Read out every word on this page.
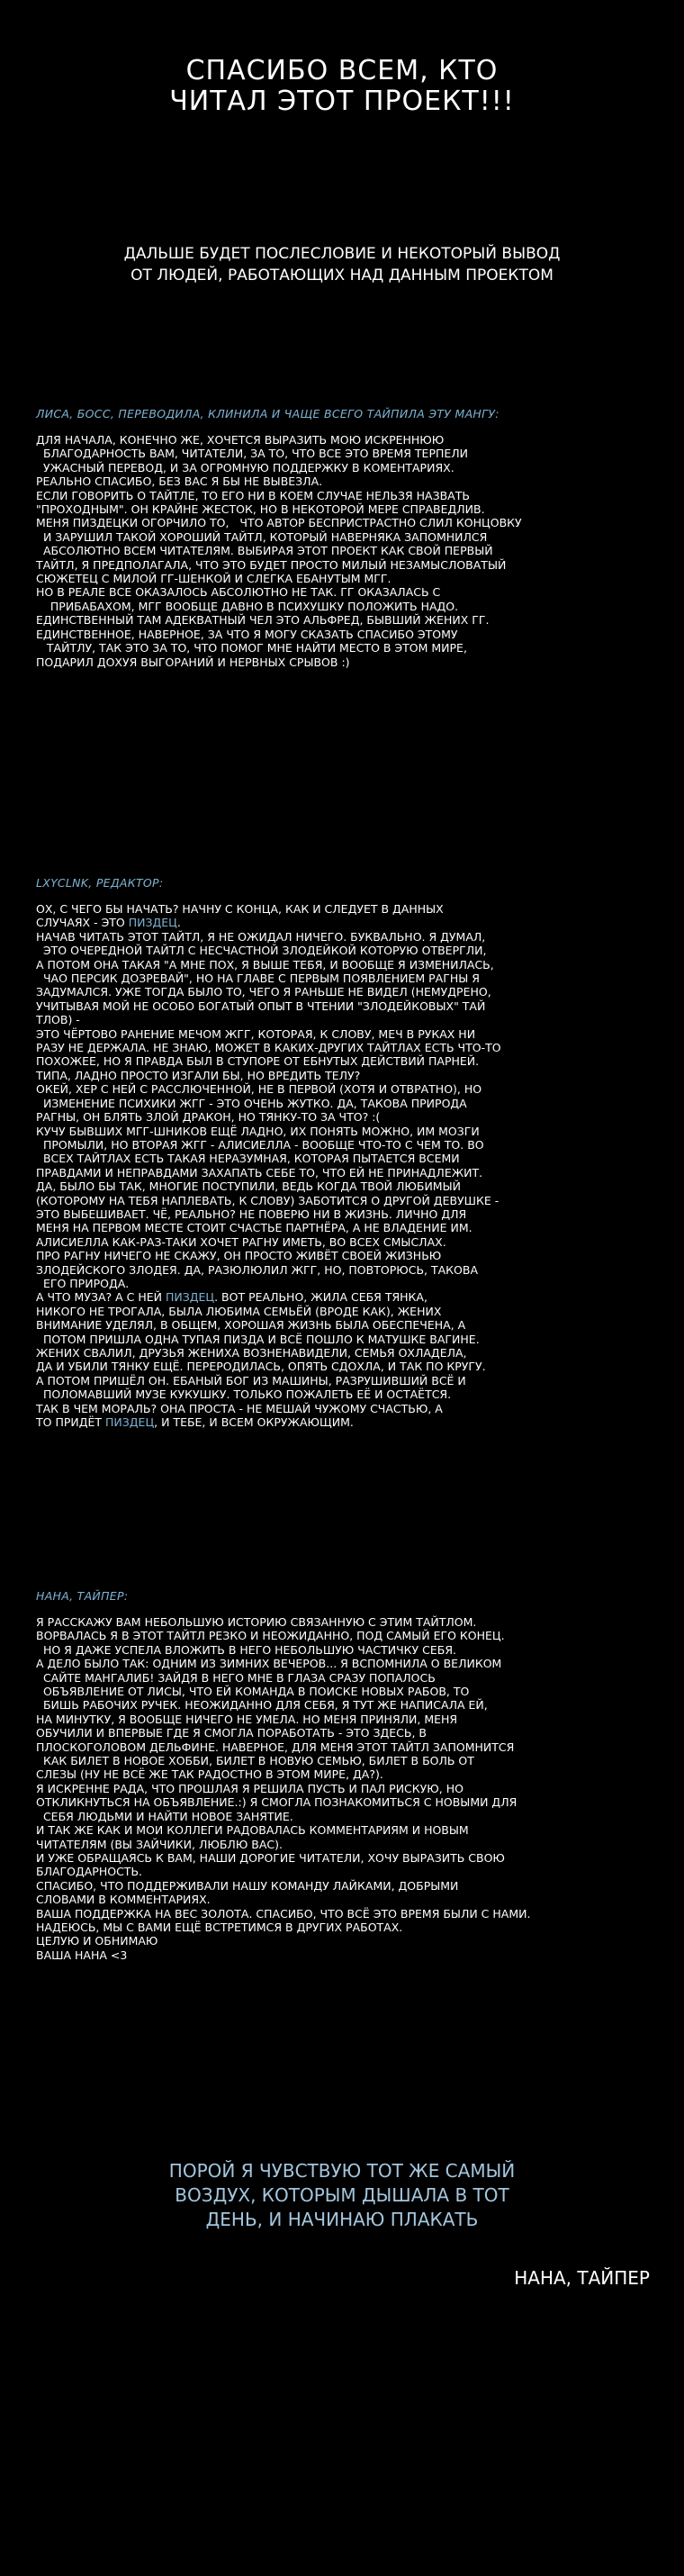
СПАСИБО ВСЕМ, КТО
ЧИТАЛ ЭТОТ ПРОЕКТ!!!
ДАЛЬШЕ БУДЕТ ПОСЛЕСЛОВИЕ И НЕКОТОРЫЙ ВЫВОД
ОТ ЛЮДЕЙ, РАБОТАЮЩИХ НАД ДАННЫМ ПРОЕКТОМ
ЛИСА, БОСС, ПЕРЕВОДИЛА, КЛИНИЛА И ЧАЩЕ ВСЕГО ТАЙПИЛА ЭТУ МАНГУ:
ДЛЯ НАЧАЛА, КОНЕЧНО ЖЕ, ХОЧЕТСЯ ВЫРАЗИТЬ МОЮ ИСКРЕННЮЮ
БЛАГОДАРНОСТЬ ВАМ, ЧИТАТЕЛИ, ЗА ТО, ЧТО ВСЕ ЭТО ВРЕМЯ ТЕРПЕЛИ
УЖАСНЫЙ ПЕРЕВОД, И ЗА ОГРОМНУЮ ПОДДЕРЖКУ В КОМЕНТАРИЯХ.
РЕАЛЬНО СПАСИБО, БЕЗ ВАС Я БЫ НЕ ВЫВЕЗЛА.
ЕСЛИ ГОВОРИТЬ О ТАЙТЛЕ, ТО ЕГО НИ В КОЕМ СЛУЧАЕ НЕЛЬЗЯ НАЗВАТЬ
"ПРОХОДНЫМ". ОН КРАЙНЕ ЖЕСТОК, НО В НЕКОТОРОЙ МЕРЕ СПРАВЕДЛИВ.
МЕНЯ ПИЗДЕЦКИ ОГОРЧИЛО ТО,   ЧТО АВТОР БЕСПРИСТРАСТНО СЛИЛ КОНЦОВКУ
И ЗАРУШИЛ ТАКОЙ ХОРОШИЙ ТАЙТЛ, КОТОРЫЙ НАВЕРНЯКА ЗАПОМНИЛСЯ
АБСОЛЮТНО ВСЕМ ЧИТАТЕЛЯМ. ВЫБИРАЯ ЭТОТ ПРОЕКТ КАК СВОЙ ПЕРВЫЙ
ТАЙТЛ, Я ПРЕДПОЛАГАЛА, ЧТО ЭТО БУДЕТ ПРОСТО МИЛЫЙ НЕЗАМЫСЛОВАТЫЙ
СЮЖЕТЕЦ С МИЛОЙ ГГ-ШЕНКОЙ И СЛЕГКА ЕБАНУТЫМ МГГ.
НО В РЕАЛЕ ВСЕ ОКАЗАЛОСЬ АБСОЛЮТНО НЕ ТАК. ГГ ОКАЗАЛАСЬ С
ПРИБАБАХОМ, МГГ ВООБЩЕ ДАВНО В ПСИХУШКУ ПОЛОЖИТЬ НАДО.
ЕДИНСТВЕННЫЙ ТАМ АДЕКВАТНЫЙ ЧЕЛ ЭТО АЛЬФРЕД, БЫВШИЙ ЖЕНИХ ГГ.
ЕДИНСТВЕННОЕ, НАВЕРНОЕ, ЗА ЧТО Я МОГУ СКАЗАТЬ СПАСИБО ЭТОМУ
ТАЙТЛУ, ТАК ЭТО ЗА ТО, ЧТО ПОМОГ МНЕ НАЙТИ МЕСТО В ЭТОМ МИРЕ,
ПОДАРИЛ ДОХУЯ ВЫГОРАНИЙ И НЕРВНЫХ СРЫВОВ :)
LXYCLNK, РЕДАКТОР:
ОХ, С ЧЕГО БЫ НАЧАТЬ? НАЧНУ С КОНЦА, КАК И СЛЕДУЕТ В ДАННЫХ
СЛУЧАЯХ - ЭТО ПИЗДЕЦ.
НАЧАВ ЧИТАТЬ ЭТОТ ТАЙТЛ, Я НЕ ОЖИДАЛ НИЧЕГО. БУКВАЛЬНО. Я ДУМАЛ,
ЭТО ОЧЕРЕДНОЙ ТАЙТЛ С НЕСЧАСТНОЙ ЗЛОДЕЙКОЙ КОТОРУЮ ОТВЕРГЛИ,
А ПОТОМ ОНА ТАКАЯ "А МНЕ ПОХ, Я ВЫШЕ ТЕБЯ, И ВООБЩЕ Я ИЗМЕНИЛАСЬ,
ЧАО ПЕРСИК ДОЗРЕВАЙ", НО НА ГЛАВЕ С ПЕРВЫМ ПОЯВЛЕНИЕМ РАГНЫ Я
ЗАДУМАЛСЯ. УЖЕ ТОГДА БЫЛО ТО, ЧЕГО Я РАНЬШЕ НЕ ВИДЕЛ (НЕМУДРЕНО,
УЧИТЫВАЯ МОЙ НЕ ОСОБО БОГАТЫЙ ОПЫТ В ЧТЕНИИ "ЗЛОДЕЙКОВЫХ" ТАЙ
ТЛОВ) -
ЭТО ЧЁРТОВО РАНЕНИЕ МЕЧОМ ЖГГ, КОТОРАЯ, К СЛОВУ, МЕЧ В РУКАХ НИ
РАЗУ НЕ ДЕРЖАЛА. НЕ ЗНАЮ, МОЖЕТ В КАКИХ-ДРУГИХ ТАЙТЛАХ ЕСТЬ ЧТО-ТО
ПОХОЖЕЕ, НО Я ПРАВДА БЫЛ В СТУПОРЕ ОТ ЕБНУТЫХ ДЕЙСТВИЙ ПАРНЕЙ.
ТИПА, ЛАДНО ПРОСТО ИЗГАЛИ БЫ, НО ВРЕДИТЬ ТЕЛУ?
ОКЕЙ, ХЕР С НЕЙ С РАССЛЮЧЕННОЙ, НЕ В ПЕРВОЙ (ХОТЯ И ОТВРАТНО), НО
ИЗМЕНЕНИЕ ПСИХИКИ ЖГГ - ЭТО ОЧЕНЬ ЖУТКО. ДА, ТАКОВА ПРИРОДА
РАГНЫ, ОН БЛЯТЬ ЗЛОЙ ДРАКОН, НО ТЯНКУ-ТО ЗА ЧТО? :(
КУЧУ БЫВШИХ МГГ-ШНИКОВ ЕЩЁ ЛАДНО, ИХ ПОНЯТЬ МОЖНО, ИМ МОЗГИ
ПРОМЫЛИ, НО ВТОРАЯ ЖГГ - АЛИСИЕЛЛА - ВООБЩЕ ЧТО-ТО С ЧЕМ ТО. ВО
ВСЕХ ТАЙТЛАХ ЕСТЬ ТАКАЯ НЕРАЗУМНАЯ, КОТОРАЯ ПЫТАЕТСЯ ВСЕМИ
ПРАВДАМИ И НЕПРАВДАМИ ЗАХАПАТЬ СЕБЕ ТО, ЧТО ЕЙ НЕ ПРИНАДЛЕЖИТ.
ДА, БЫЛО БЫ ТАК, МНОГИЕ ПОСТУПИЛИ, ВЕДЬ КОГДА ТВОЙ ЛЮБИМЫЙ
(КОТОРОМУ НА ТЕБЯ НАПЛЕВАТЬ, К СЛОВУ) ЗАБОТИТСЯ О ДРУГОЙ ДЕВУШКЕ -
ЭТО ВЫБЕШИВАЕТ. ЧЁ, РЕАЛЬНО? НЕ ПОВЕРЮ НИ В ЖИЗНЬ. ЛИЧНО ДЛЯ
МЕНЯ НА ПЕРВОМ МЕСТЕ СТОИТ СЧАСТЬЕ ПАРТНЁРА, А НЕ ВЛАДЕНИЕ ИМ.
АЛИСИЕЛЛА КАК-РАЗ-ТАКИ ХОЧЕТ РАГНУ ИМЕТЬ, ВО ВСЕХ СМЫСЛАХ.
ПРО РАГНУ НИЧЕГО НЕ СКАЖУ, ОН ПРОСТО ЖИВЁТ СВОЕЙ ЖИЗНЬЮ
ЗЛОДЕЙСКОГО ЗЛОДЕЯ. ДА, РАЗЮЛЮЛИЛ ЖГГ, НО, ПОВТОРЮСЬ, ТАКОВА
ЕГО ПРИРОДА.
А ЧТО МУЗА? А С НЕЙ ПИЗДЕЦ. ВОТ РЕАЛЬНО, ЖИЛА СЕБЯ ТЯНКА,
НИКОГО НЕ ТРОГАЛА, БЫЛА ЛЮБИМА СЕМЬЁЙ (ВРОДЕ КАК), ЖЕНИХ
ВНИМАНИЕ УДЕЛЯЛ, В ОБЩЕМ, ХОРОШАЯ ЖИЗНЬ БЫЛА ОБЕСПЕЧЕНА, А
ПОТОМ ПРИШЛА ОДНА ТУПАЯ ПИЗДА И ВСЁ ПОШЛО К МАТУШКЕ ВАГИНЕ.
ЖЕНИХ СВАЛИЛ, ДРУЗЬЯ ЖЕНИХА ВОЗНЕНАВИДЕЛИ, СЕМЬЯ ОХЛАДЕЛА,
ДА И УБИЛИ ТЯНКУ ЕЩЁ. ПЕРЕРОДИЛАСЬ, ОПЯТЬ СДОХЛА, И ТАК ПО КРУГУ.
А ПОТОМ ПРИШЁЛ ОН. ЕБАНЫЙ БОГ ИЗ МАШИНЫ, РАЗРУШИВШИЙ ВСЁ И
ПОЛОМАВШИЙ МУЗЕ КУКУШКУ. ТОЛЬКО ПОЖАЛЕТЬ ЕЁ И ОСТАЁТСЯ.
ТАК В ЧЕМ МОРАЛЬ? ОНА ПРОСТА - НЕ МЕШАЙ ЧУЖОМУ СЧАСТЬЮ, А
ТО ПРИДЁТ ПИЗДЕЦ, И ТЕБЕ, И ВСЕМ ОКРУЖАЮЩИМ.
НАНА, ТАЙПЕР:
Я РАССКАЖУ ВАМ НЕБОЛЬШУЮ ИСТОРИЮ СВЯЗАННУЮ С ЭТИМ ТАЙТЛОМ.
ВОРВАЛАСЬ Я В ЭТОТ ТАЙТЛ РЕЗКО И НЕОЖИДАННО, ПОД САМЫЙ ЕГО КОНЕЦ.
НО Я ДАЖЕ УСПЕЛА ВЛОЖИТЬ В НЕГО НЕБОЛЬШУЮ ЧАСТИЧКУ СЕБЯ.
А ДЕЛО БЫЛО ТАК: ОДНИМ ИЗ ЗИМНИХ ВЕЧЕРОВ... Я ВСПОМНИЛА О ВЕЛИКОМ
САЙТЕ МАНГАЛИБ! ЗАЙДЯ В НЕГО МНЕ В ГЛАЗА СРАЗУ ПОПАЛОСЬ
ОБЪЯВЛЕНИЕ ОТ ЛИСЫ, ЧТО ЕЙ КОМАНДА В ПОИСКЕ НОВЫХ РАБОВ, ТО
БИШЬ РАБОЧИХ РУЧЕК. НЕОЖИДАННО ДЛЯ СЕБЯ, Я ТУТ ЖЕ НАПИСАЛА ЕЙ,
НА МИНУТКУ, Я ВООБЩЕ НИЧЕГО НЕ УМЕЛА. НО МЕНЯ ПРИНЯЛИ, МЕНЯ
ОБУЧИЛИ И ВПЕРВЫЕ ГДЕ Я СМОГЛА ПОРАБОТАТЬ - ЭТО ЗДЕСЬ, В
ПЛОСКОГОЛОВОМ ДЕЛЬФИНЕ. НАВЕРНОЕ, ДЛЯ МЕНЯ ЭТОТ ТАЙТЛ ЗАПОМНИТСЯ
КАК БИЛЕТ В НОВОЕ ХОББИ, БИЛЕТ В НОВУЮ СЕМЬЮ, БИЛЕТ В БОЛЬ ОТ
СЛЕЗЫ (НУ НЕ ВСЁ ЖЕ ТАК РАДОСТНО В ЭТОМ МИРЕ, ДА?).
Я ИСКРЕННЕ РАДА, ЧТО ПРОШЛАЯ Я РЕШИЛА ПУСТЬ И ПАЛ РИСКУЮ, НО
ОТКЛИКНУТЬСЯ НА ОБЪЯВЛЕНИЕ.:) Я СМОГЛА ПОЗНАКОМИТЬСЯ С НОВЫМИ ДЛЯ
СЕБЯ ЛЮДЬМИ И НАЙТИ НОВОЕ ЗАНЯТИЕ.
И ТАК ЖЕ КАК И МОИ КОЛЛЕГИ РАДОВАЛАСЬ КОММЕНТАРИЯМ И НОВЫМ
ЧИТАТЕЛЯМ (ВЫ ЗАЙЧИКИ, ЛЮБЛЮ ВАС).
И УЖЕ ОБРАЩАЯСЬ К ВАМ, НАШИ ДОРОГИЕ ЧИТАТЕЛИ, ХОЧУ ВЫРАЗИТЬ СВОЮ
БЛАГОДАРНОСТЬ.
СПАСИБО, ЧТО ПОДДЕРЖИВАЛИ НАШУ КОМАНДУ ЛАЙКАМИ, ДОБРЫМИ
СЛОВАМИ В КОММЕНТАРИЯХ.
ВАША ПОДДЕРЖКА НА ВЕС ЗОЛОТА. СПАСИБО, ЧТО ВСЁ ЭТО ВРЕМЯ БЫЛИ С НАМИ.
НАДЕЮСЬ, МЫ С ВАМИ ЕЩЁ ВСТРЕТИМСЯ В ДРУГИХ РАБОТАХ.
ЦЕЛУЮ И ОБНИМАЮ
ВАША НАНА <3
ПОРОЙ Я ЧУВСТВУЮ ТОТ ЖЕ САМЫЙ
ВОЗДУХ, КОТОРЫМ ДЫШАЛА В ТОТ
ДЕНЬ, И НАЧИНАЮ ПЛАКАТЬ
НАНА, ТАЙПЕР
